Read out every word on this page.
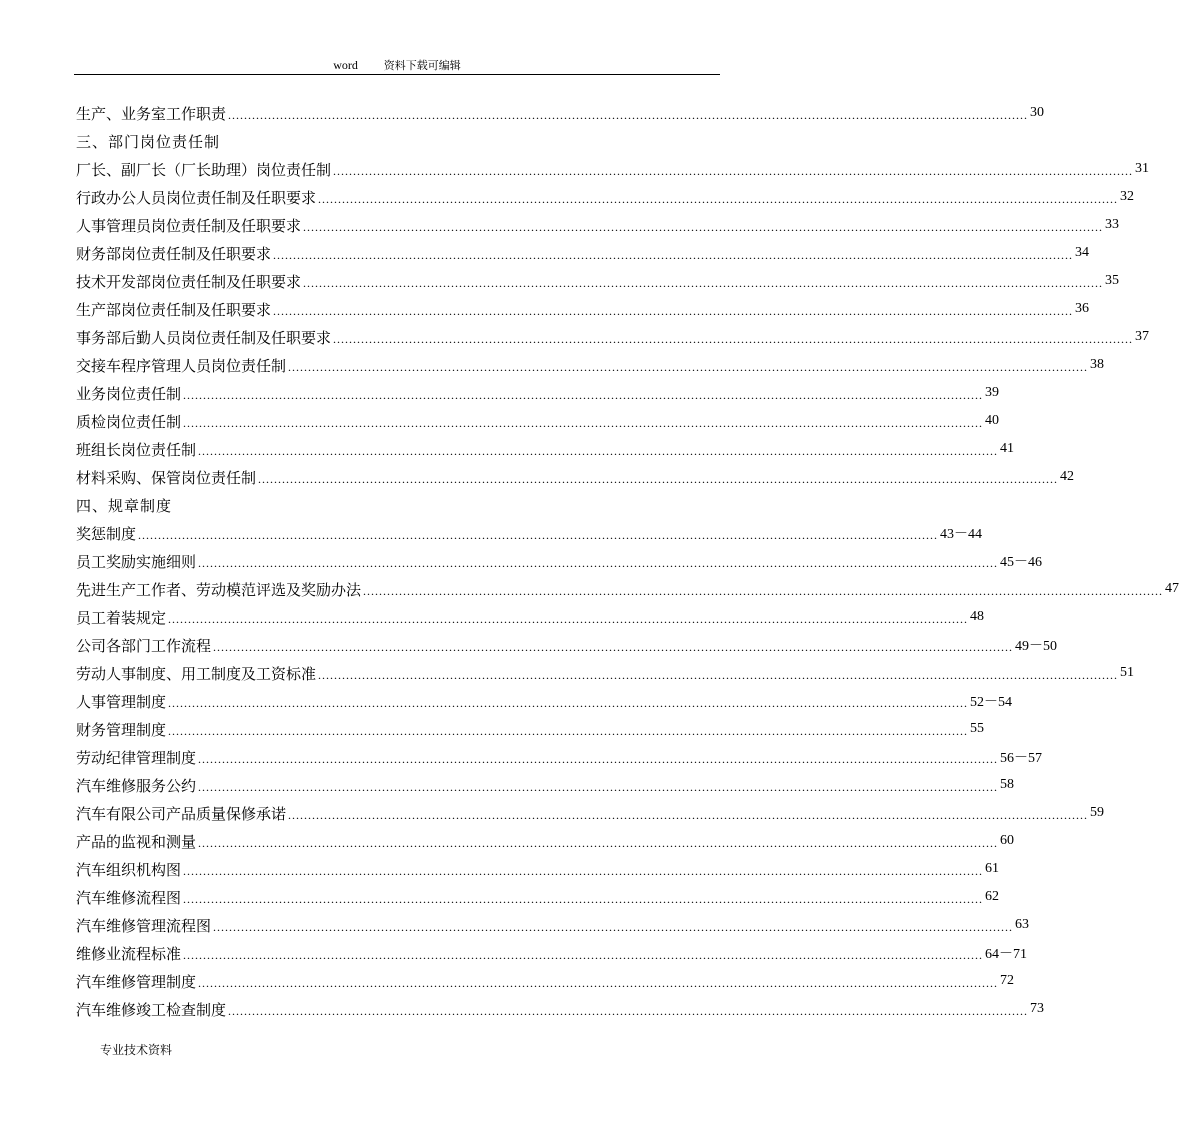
word 资料下载可编辑
生产、业务室工作职责 ........................................................................................................................................................................................................ 30
三、部门岗位责任制
厂长、副厂长（厂长助理）岗位责任制 ........................................................................................................................................................................................................ 31
行政办公人员岗位责任制及任职要求 ........................................................................................................................................................................................................ 32
人事管理员岗位责任制及任职要求 ........................................................................................................................................................................................................ 33
财务部岗位责任制及任职要求 ........................................................................................................................................................................................................ 34
技术开发部岗位责任制及任职要求 ........................................................................................................................................................................................................ 35
生产部岗位责任制及任职要求 ........................................................................................................................................................................................................ 36
事务部后勤人员岗位责任制及任职要求 ........................................................................................................................................................................................................ 37
交接车程序管理人员岗位责任制 ........................................................................................................................................................................................................ 38
业务岗位责任制 ........................................................................................................................................................................................................ 39
质检岗位责任制 ........................................................................................................................................................................................................ 40
班组长岗位责任制 ........................................................................................................................................................................................................ 41
材料采购、保管岗位责任制 ........................................................................................................................................................................................................ 42
四、规章制度
奖惩制度 ........................................................................................................................................................................................................ 43－44
员工奖励实施细则 ........................................................................................................................................................................................................ 45－46
先进生产工作者、劳动模范评选及奖励办法 ........................................................................................................................................................................................................ 47
员工着装规定 ........................................................................................................................................................................................................ 48
公司各部门工作流程 ........................................................................................................................................................................................................ 49－50
劳动人事制度、用工制度及工资标准 ........................................................................................................................................................................................................ 51
人事管理制度 ........................................................................................................................................................................................................ 52－54
财务管理制度 ........................................................................................................................................................................................................ 55
劳动纪律管理制度 ........................................................................................................................................................................................................ 56－57
汽车维修服务公约 ........................................................................................................................................................................................................ 58
汽车有限公司产品质量保修承诺 ........................................................................................................................................................................................................ 59
产品的监视和测量 ........................................................................................................................................................................................................ 60
汽车组织机构图 ........................................................................................................................................................................................................ 61
汽车维修流程图 ........................................................................................................................................................................................................ 62
汽车维修管理流程图 ........................................................................................................................................................................................................ 63
维修业流程标准 ........................................................................................................................................................................................................ 64－71
汽车维修管理制度 ........................................................................................................................................................................................................ 72
汽车维修竣工检查制度 ........................................................................................................................................................................................................ 73
专业技术资料
